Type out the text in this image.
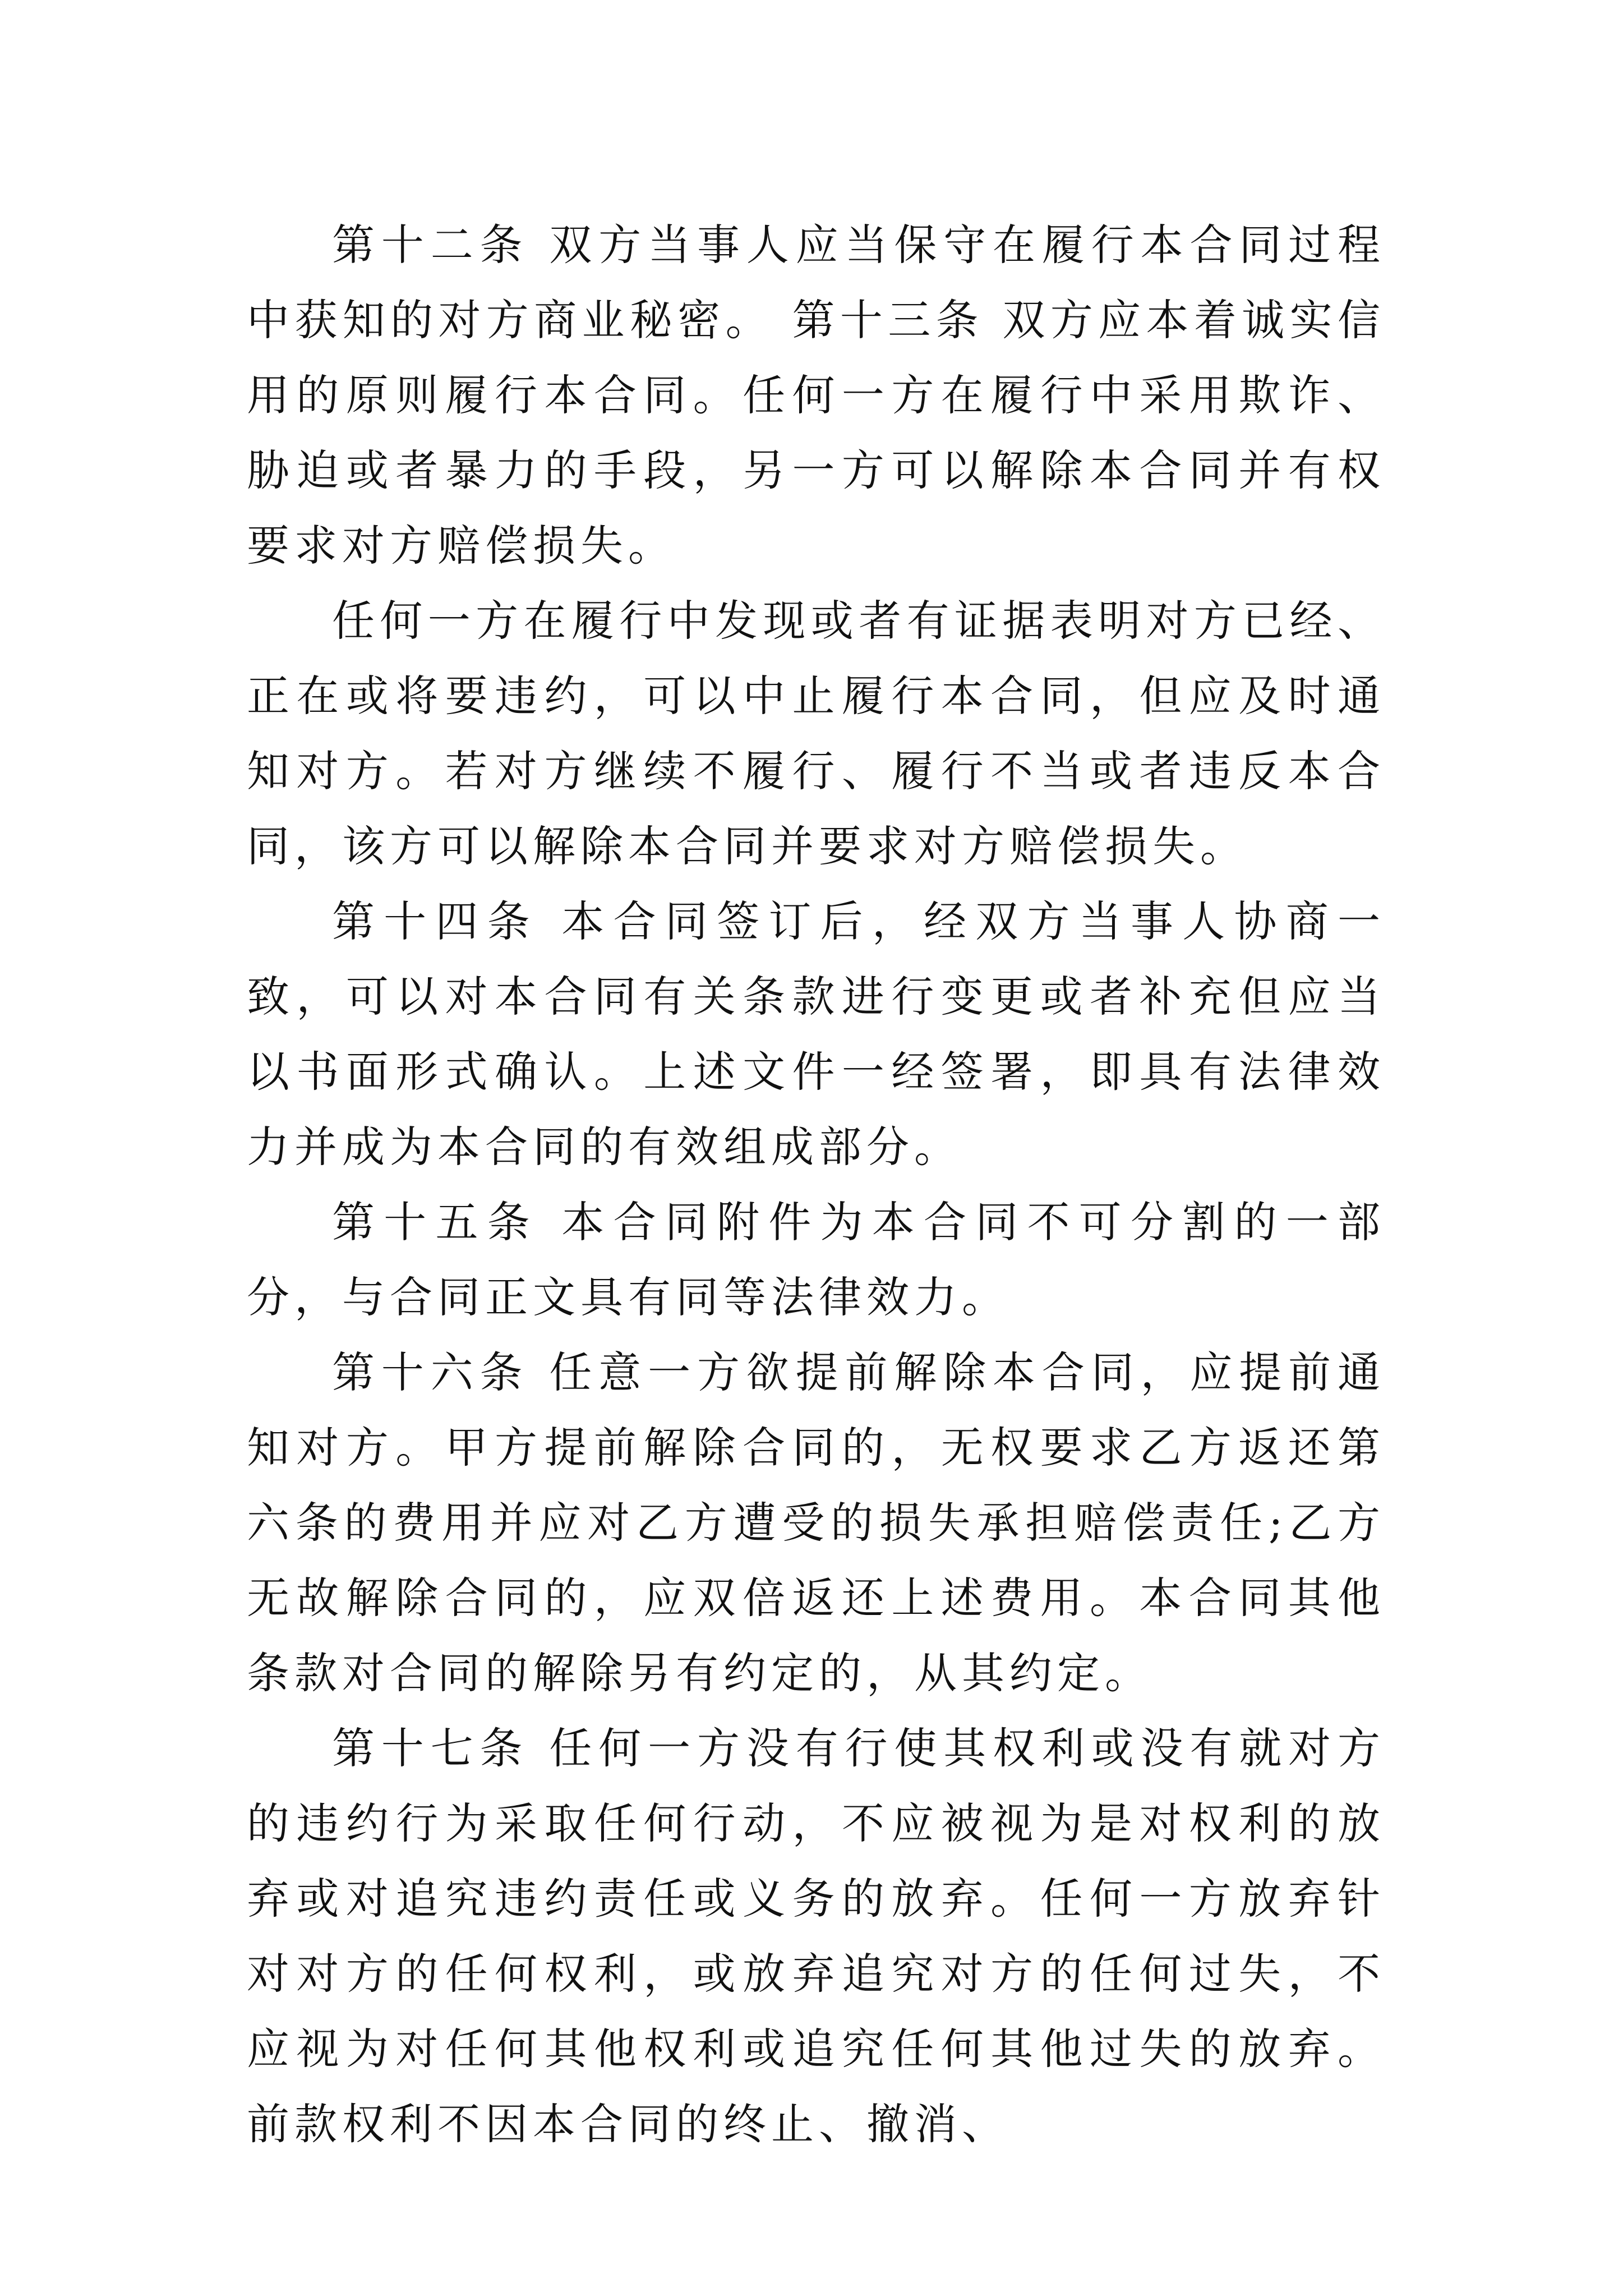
第十二条 双方当事人应当保守在履行本合同过程中获知的对方商业秘密。 第十三条 双方应本着诚实信用的原则履行本合同。任何一方在履行中采用欺诈、胁迫或者暴力的手段，另一方可以解除本合同并有权要求对方赔偿损失。

任何一方在履行中发现或者有证据表明对方已经、正在或将要违约，可以中止履行本合同，但应及时通知对方。若对方继续不履行、履行不当或者违反本合同，该方可以解除本合同并要求对方赔偿损失。

第十四条 本合同签订后，经双方当事人协商一致，可以对本合同有关条款进行变更或者补充但应当以书面形式确认。上述文件一经签署，即具有法律效力并成为本合同的有效组成部分。

第十五条 本合同附件为本合同不可分割的一部分，与合同正文具有同等法律效力。

第十六条 任意一方欲提前解除本合同，应提前通知对方。甲方提前解除合同的，无权要求乙方返还第六条的费用并应对乙方遭受的损失承担赔偿责任;乙方无故解除合同的，应双倍返还上述费用。本合同其他条款对合同的解除另有约定的，从其约定。

第十七条 任何一方没有行使其权利或没有就对方的违约行为采取任何行动，不应被视为是对权利的放弃或对追究违约责任或义务的放弃。任何一方放弃针对对方的任何权利，或放弃追究对方的任何过失，不应视为对任何其他权利或追究任何其他过失的放弃。前款权利不因本合同的终止、撤消、
